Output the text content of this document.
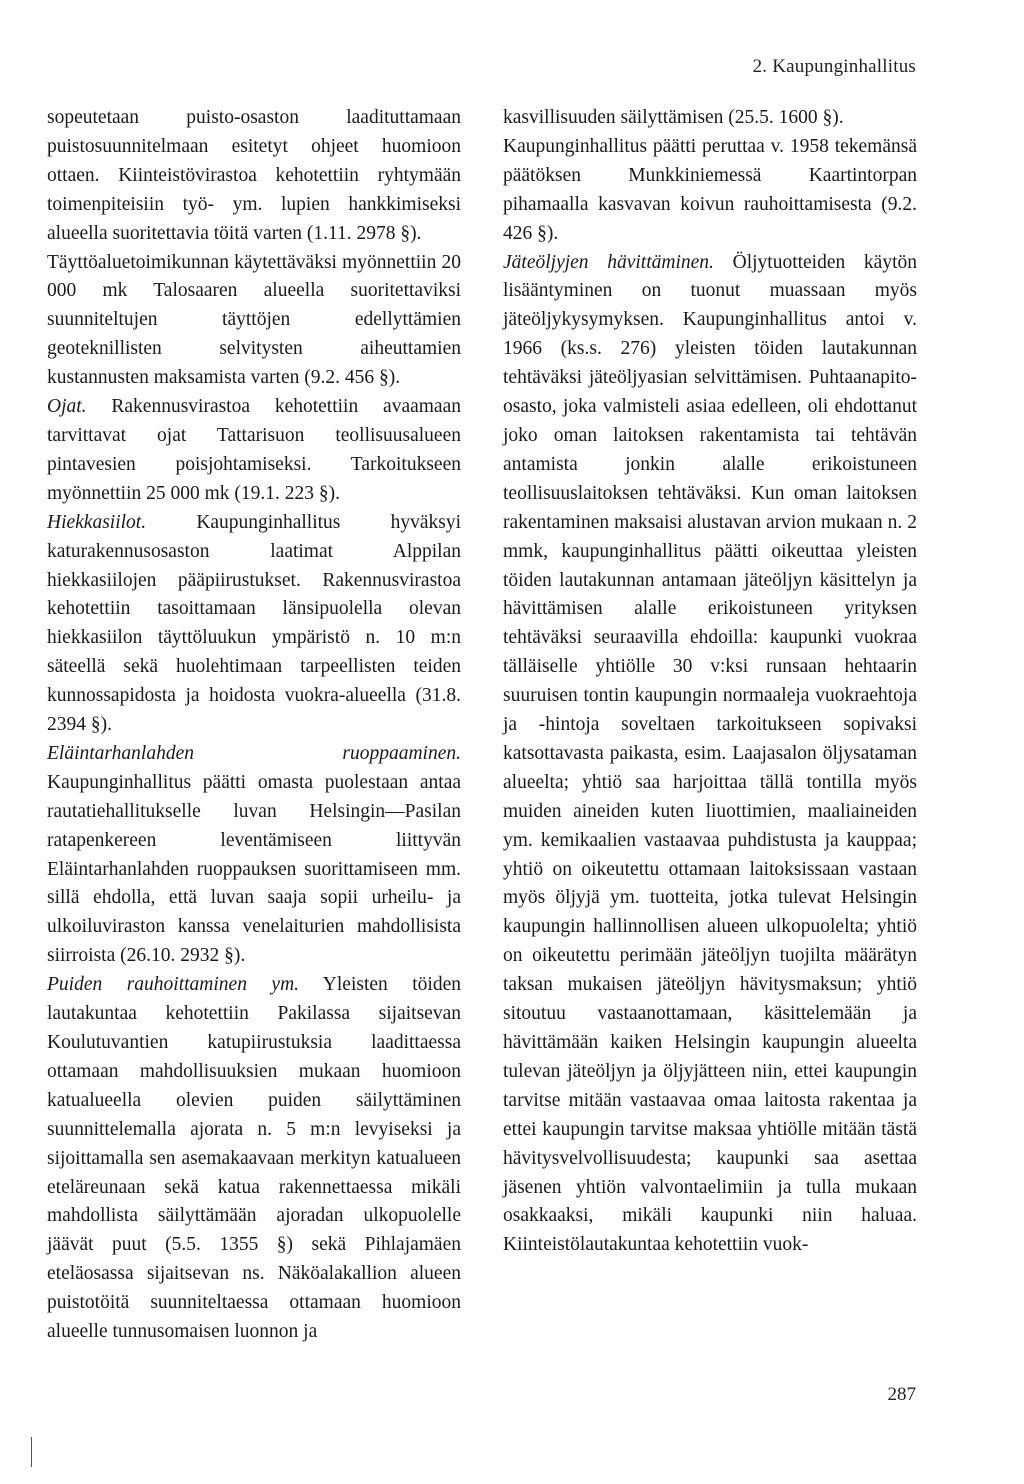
2. Kaupunginhallitus

sopeutetaan puisto-osaston laadituttamaan puistosuunnitelmaan esitetyt ohjeet huomioon ottaen. Kiinteistövirastoa kehotettiin ryhtymään toimenpiteisiin työ- ym. lupien hankkimiseksi alueella suoritettavia töitä varten (1.11. 2978 §).

Täyttöaluetoimikunnan käytettäväksi myönnettiin 20 000 mk Talosaaren alueella suoritettaviksi suunniteltujen täyttöjen edellyttämien geoteknillisten selvitysten aiheuttamien kustannusten maksamista varten (9.2. 456 §).

Ojat. Rakennusvirastoa kehotettiin avaamaan tarvittavat ojat Tattarisuon teollisuusalueen pintavesien poisjohtamiseksi. Tarkoitukseen myönnettiin 25 000 mk (19.1. 223 §).

Hiekkasiilot.	Kaupunginhallitus hyväksyi katurakennusosaston laatimat Alppilan hiekkasiilojen pääpiirustukset. Rakennusvirastoa kehotettiin tasoittamaan länsipuolella olevan hiekkasiilon täyttöluukun ympäristö n. 10 m:n säteellä sekä huolehtimaan tarpeellisten teiden kunnossapidosta ja hoidosta vuokra-alueella (31.8. 2394 §).

Eläintarhanlahden ruoppaaminen. Kaupunginhallitus päätti omasta puolestaan antaa rautatiehallitukselle luvan Helsingin—Pasilan ratapenkereen leventämiseen liittyvän Eläintarhanlahden ruoppauksen suorittamiseen mm. sillä ehdolla, että luvan saaja sopii urheilu- ja ulkoiluviraston kanssa venelaiturien mahdollisista siirroista (26.10. 2932 §).

Puiden rauhoittaminen ym. Yleisten töiden lautakuntaa kehotettiin Pakilassa sijaitsevan Koulutuvantien katupiirustuksia laadittaessa ottamaan mahdollisuuksien mukaan huomioon katualueella olevien puiden säilyttäminen suunnittelemalla ajorata n. 5 m:n levyiseksi ja sijoittamalla sen asemakaavaan merkityn katualueen eteläreunaan sekä katua rakennettaessa mikäli mahdollista säilyttämään ajoradan ulkopuolelle jäävät puut (5.5. 1355 §) sekä Pihlajamäen eteläosassa sijaitsevan ns. Näköalakallion alueen puistotöitä suunniteltaessa ottamaan huomioon alueelle tunnusomaisen luonnon ja

kasvillisuuden säilyttämisen (25.5. 1600 §).

Kaupunginhallitus päätti peruttaa v. 1958 tekemänsä päätöksen Munkkiniemessä Kaartintorpan pihamaalla kasvavan koivun rauhoittamisesta (9.2. 426 §).

Jäteöljyjen hävittäminen. Öljytuotteiden käytön lisääntyminen on tuonut muassaan myös jäteöljykysymyksen. Kaupunginhallitus antoi v. 1966 (ks.s. 276) yleisten töiden lautakunnan tehtäväksi jäteöljyasian selvittämisen. Puhtaanapito-osasto, joka valmisteli asiaa edelleen, oli ehdottanut joko oman laitoksen rakentamista tai tehtävän antamista jonkin alalle erikoistuneen teollisuuslaitoksen tehtäväksi. Kun oman laitoksen rakentaminen maksaisi alustavan arvion mukaan n. 2 mmk, kaupunginhallitus päätti oikeuttaa yleisten töiden lautakunnan antamaan jäteöljyn käsittelyn ja hävittämisen alalle erikoistuneen yrityksen tehtäväksi seuraavilla ehdoilla: kaupunki vuokraa tälläiselle yhtiölle 30 v:ksi runsaan hehtaarin suuruisen tontin kaupungin normaaleja vuokraehtoja ja -hintoja soveltaen tarkoitukseen sopivaksi katsottavasta paikasta, esim. Laajasalon öljysataman alueelta; yhtiö saa harjoittaa tällä tontilla myös muiden aineiden kuten liuottimien, maaliaineiden ym. kemikaalien vastaavaa puhdistusta ja kauppaa; yhtiö on oikeutettu ottamaan laitoksissaan vastaan myös öljyjä ym. tuotteita, jotka tulevat Helsingin kaupungin hallinnollisen alueen ulkopuolelta; yhtiö on oikeutettu perimään jäteöljyn tuojilta määrätyn taksan mukaisen jäteöljyn hävitysmaksun; yhtiö sitoutuu vastaanottamaan, käsittelemään ja hävittämään kaiken Helsingin kaupungin alueelta tulevan jäteöljyn ja öljyjätteen niin, ettei kaupungin tarvitse mitään vastaavaa omaa laitosta rakentaa ja ettei kaupungin tarvitse maksaa yhtiölle mitään tästä hävitysvelvollisuudesta; kaupunki saa asettaa jäsenen yhtiön valvontaelimiin ja tulla mukaan osakkaaksi, mikäli kaupunki niin haluaa. Kiinteistölautakuntaa kehotettiin vuok-

287
